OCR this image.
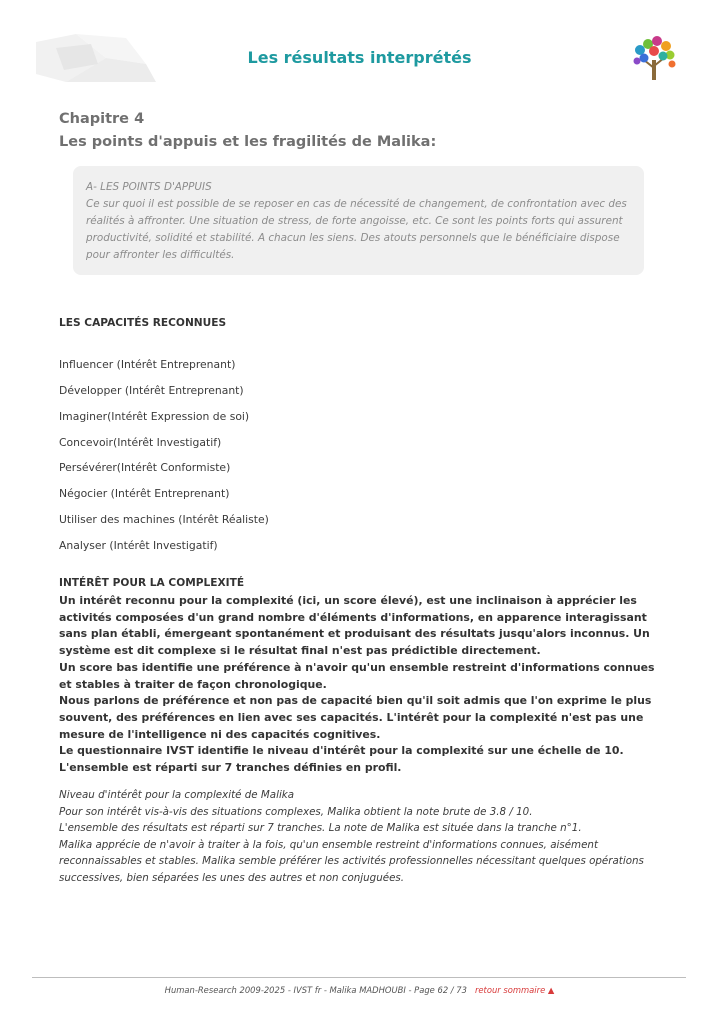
Les résultats interprétés
Chapitre 4
Les points d'appuis et les fragilités de Malika:
A- LES POINTS D'APPUIS
Ce sur quoi il est possible de se reposer en cas de nécessité de changement, de confrontation avec des réalités à affronter. Une situation de stress, de forte angoisse, etc. Ce sont les points forts qui assurent productivité, solidité et stabilité. A chacun les siens. Des atouts personnels que le bénéficiaire dispose pour affronter les difficultés.
LES CAPACITÉS RECONNUES
Influencer (Intérêt Entreprenant)
Développer (Intérêt Entreprenant)
Imaginer(Intérêt Expression de soi)
Concevoir(Intérêt Investigatif)
Persévérer(Intérêt Conformiste)
Négocier (Intérêt Entreprenant)
Utiliser des machines (Intérêt Réaliste)
Analyser (Intérêt Investigatif)
INTÉRÊT POUR LA COMPLEXITÉ

Un intérêt reconnu pour la complexité (ici, un score élevé), est une inclinaison à apprécier les activités composées d'un grand nombre d'éléments d'informations, en apparence interagissant sans plan établi, émergeant spontanément et produisant des résultats jusqu'alors inconnus. Un système est dit complexe si le résultat final n'est pas prédictible directement.

Un score bas identifie une préférence à n'avoir qu'un ensemble restreint d'informations connues et stables à traiter de façon chronologique.

Nous parlons de préférence et non pas de capacité bien qu'il soit admis que l'on exprime le plus souvent, des préférences en lien avec ses capacités. L'intérêt pour la complexité n'est pas une mesure de l'intelligence ni des capacités cognitives.

Le questionnaire IVST identifie le niveau d'intérêt pour la complexité sur une échelle de 10. L'ensemble est réparti sur 7 tranches définies en profil.

Niveau d'intérêt pour la complexité de Malika

Pour son intérêt vis-à-vis des situations complexes, Malika obtient la note brute de 3.8 / 10.

L'ensemble des résultats est réparti sur 7 tranches. La note de Malika est située dans la tranche n°1.

Malika apprécie de n'avoir à traiter à la fois, qu'un ensemble restreint d'informations connues, aisément reconnaissables et stables. Malika semble préférer les activités professionnelles nécessitant quelques opérations successives, bien séparées les unes des autres et non conjuguées.

Human-Research 2009-2025 - IVST fr - Malika MADHOUBI - Page 62 / 73 retour sommaire ▲
